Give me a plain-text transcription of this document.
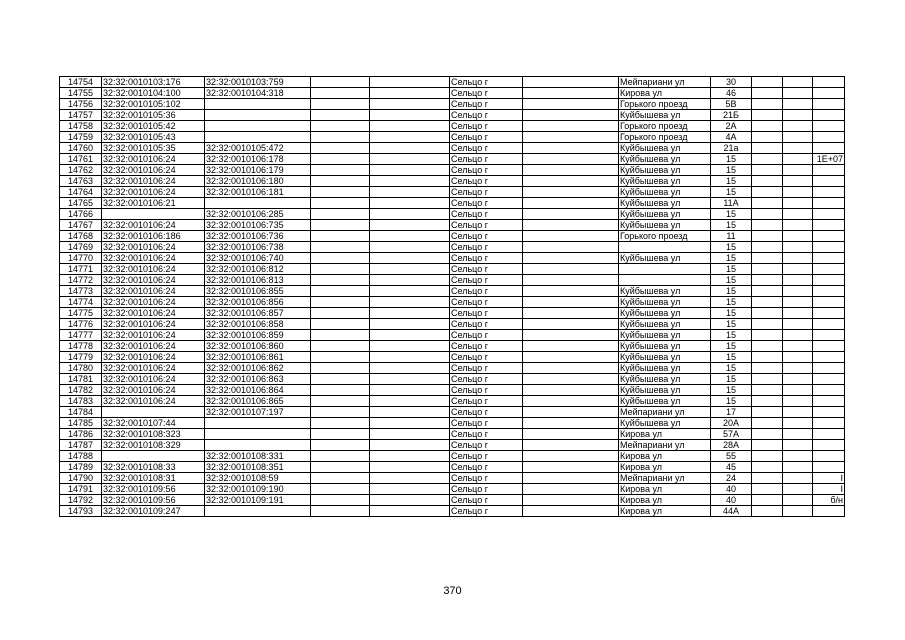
14754	32:32:0010103:176	32:32:0010103:759			Сельцо г		Мейпариани ул	30			
14755	32:32:0010104:100	32:32:0010104:318			Сельцо г		Кирова ул	46			
14756	32:32:0010105:102				Сельцо г		Горького проезд	5В			
14757	32:32:0010105:36				Сельцо г		Куйбышева ул	21Б			
14758	32:32:0010105:42				Сельцо г		Горького проезд	2А			
14759	32:32:0010105:43				Сельцо г		Горького проезд	4А			
14760	32:32:0010105:35	32:32:0010105:472			Сельцо г		Куйбышева ул	21а			
14761	32:32:0010106:24	32:32:0010106:178			Сельцо г		Куйбышева ул	15			1Е+07
14762	32:32:0010106:24	32:32:0010106:179			Сельцо г		Куйбышева ул	15			
14763	32:32:0010106:24	32:32:0010106:180			Сельцо г		Куйбышева ул	15			
14764	32:32:0010106:24	32:32:0010106:181			Сельцо г		Куйбышева ул	15			
14765	32:32:0010106:21				Сельцо г		Куйбышева ул	11А			
14766		32:32:0010106:285			Сельцо г		Куйбышева ул	15			
14767	32:32:0010106:24	32:32:0010106:735			Сельцо г		Куйбышева ул	15			
14768	32:32:0010106:186	32:32:0010106:736			Сельцо г		Горького проезд	11			
14769	32:32:0010106:24	32:32:0010106:738			Сельцо г			15			
14770	32:32:0010106:24	32:32:0010106:740			Сельцо г		Куйбышева ул	15			
14771	32:32:0010106:24	32:32:0010106:812			Сельцо г			15			
14772	32:32:0010106:24	32:32:0010106:813			Сельцо г			15			
14773	32:32:0010106:24	32:32:0010106:855			Сельцо г		Куйбышева ул	15			
14774	32:32:0010106:24	32:32:0010106:856			Сельцо г		Куйбышева ул	15			
14775	32:32:0010106:24	32:32:0010106:857			Сельцо г		Куйбышева ул	15			
14776	32:32:0010106:24	32:32:0010106:858			Сельцо г		Куйбышева ул	15			
14777	32:32:0010106:24	32:32:0010106:859			Сельцо г		Куйбышева ул	15			
14778	32:32:0010106:24	32:32:0010106:860			Сельцо г		Куйбышева ул	15			
14779	32:32:0010106:24	32:32:0010106:861			Сельцо г		Куйбышева ул	15			
14780	32:32:0010106:24	32:32:0010106:862			Сельцо г		Куйбышева ул	15			
14781	32:32:0010106:24	32:32:0010106:863			Сельцо г		Куйбышева ул	15			
14782	32:32:0010106:24	32:32:0010106:864			Сельцо г		Куйбышева ул	15			
14783	32:32:0010106:24	32:32:0010106:865			Сельцо г		Куйбышева ул	15			
14784		32:32:0010107:197			Сельцо г		Мейпариани ул	17			
14785	32:32:0010107:44				Сельцо г		Куйбышева ул	20А			
14786	32:32:0010108:323				Сельцо г		Кирова ул	57А			
14787	32:32:0010108:329				Сельцо г		Мейпариани ул	28А			
14788		32:32:0010108:331			Сельцо г		Кирова ул	55			
14789	32:32:0010108:33	32:32:0010108:351			Сельцо г		Кирова ул	45			
14790	32:32:0010108:31	32:32:0010108:59			Сельцо г		Мейпариани ул	24			I
14791	32:32:0010109:56	32:32:0010109:190			Сельцо г		Кирова ул	40			I
14792	32:32:0010109:56	32:32:0010109:191			Сельцо г		Кирова ул	40			б/н
14793	32:32:0010109:247				Сельцо г		Кирова ул	44А			
370
